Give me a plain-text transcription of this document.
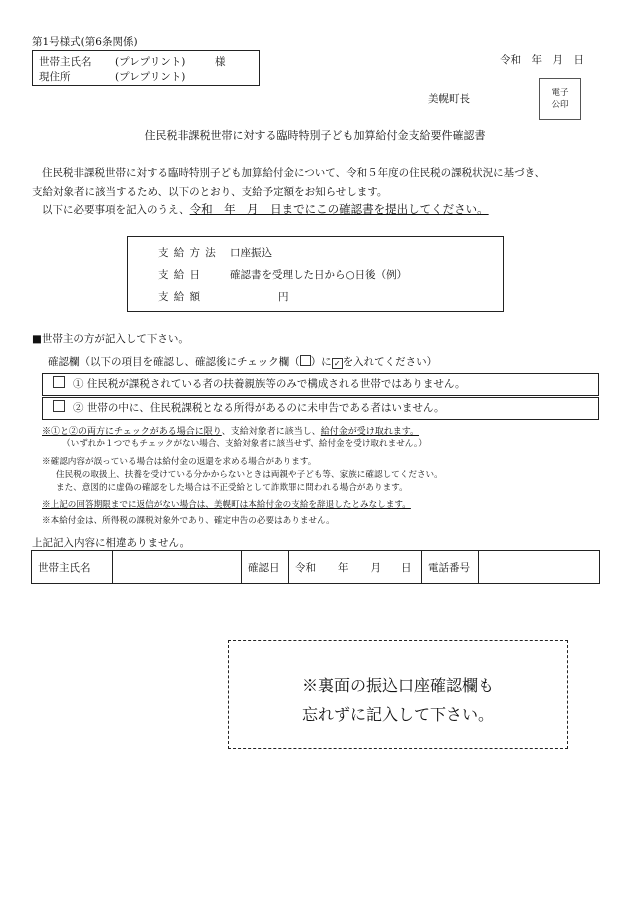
第1号様式(第6条関係)
世帯主氏名 (プレプリント)	様
現住所	(プレプリント)
令和　年　月　日
美幌町長	電子
公印
住民税非課税世帯に対する臨時特別子ども加算給付金支給要件確認書
住民税非課税世帯に対する臨時特別子ども加算給付金について、令和５年度の住民税の課税状況に基づき、
支給対象者に該当するため、以下のとおり、支給予定額をお知らせします。
以下に必要事項を記入のうえ、令和　年　月　日までにこの確認書を提出してください。
支給方法 口座振込
支給日 確認書を受理した日から○日後（例）
支給額	円
■世帯主の方が記入して下さい。
確認欄（以下の項目を確認し、確認後にチェック欄（ ）に ✓ を入れてください）
① 住民税が課税されている者の扶養親族等のみで構成される世帯ではありません。
② 世帯の中に、住民税課税となる所得があるのに未申告である者はいません。
※①と②の両方にチェックがある場合に限り、支給対象者に該当し、給付金が受け取れます。
（いずれか１つでもチェックがない場合、支給対象者に該当せず、給付金を受け取れません。）
※確認内容が誤っている場合は給付金の返還を求める場合があります。
住民税の取扱上、扶養を受けている分かからないときは両親や子ども等、家族に確認してください。
また、意図的に虚偽の確認をした場合は不正受給として詐欺罪に問われる場合があります。
※上記の回答期限までに返信がない場合は、美幌町は本給付金の支給を辞退したとみなします。
※本給付金は、所得税の課税対象外であり、確定申告の必要はありません。
上記記入内容に相違ありません。
世帯主氏名	確認日	令和 年 月 日	電話番号
※裏面の振込口座確認欄も
忘れずに記入して下さい。
